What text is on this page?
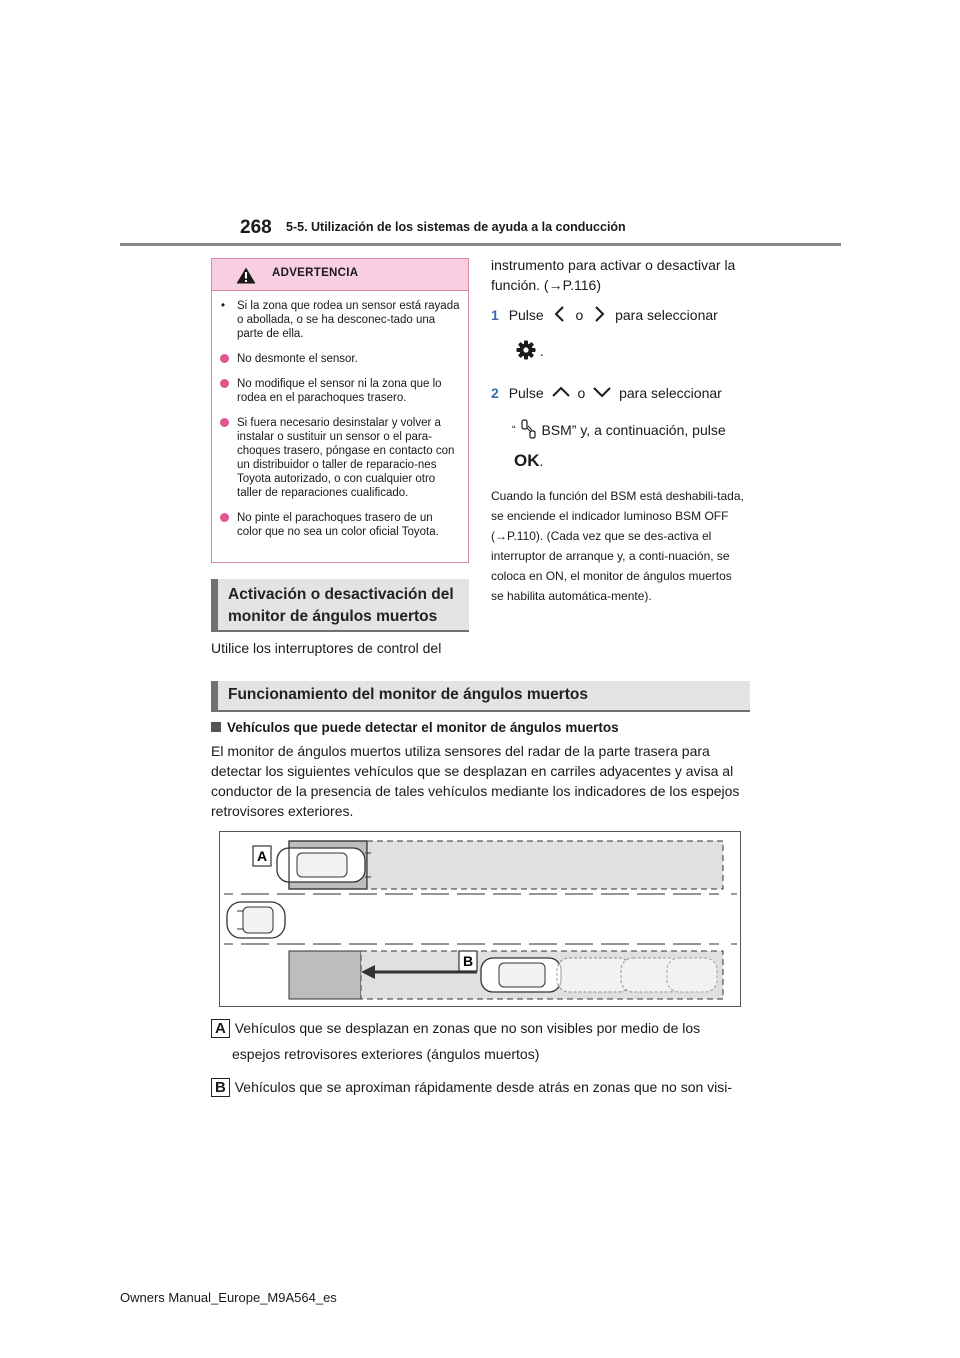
268 5-5. Utilización de los sistemas de ayuda a la conducción
ADVERTENCIA
• Si la zona que rodea un sensor está rayada o abollada, o se ha desconec-tado una parte de ella.
No desmonte el sensor.
No modifique el sensor ni la zona que lo rodea en el parachoques trasero.
Si fuera necesario desinstalar y volver a instalar o sustituir un sensor o el para-choques trasero, póngase en contacto con un distribuidor o taller de reparacio-nes Toyota autorizado, o con cualquier otro taller de reparaciones cualificado.
No pinte el parachoques trasero de un color que no sea un color oficial Toyota.
Activación o desactivación del monitor de ángulos muertos
Utilice los interruptores de control del
instrumento para activar o desactivar la función. (→P.116)
1 Pulse o para seleccionar
.
2 Pulse o para seleccionar
“ BSM” y, a continuación, pulse
OK.
Cuando la función del BSM está deshabili-tada, se enciende el indicador luminoso BSM OFF (→P.110). (Cada vez que se des-activa el interruptor de arranque y, a conti-nuación, se coloca en ON, el monitor de ángulos muertos se habilita automática-mente).
Funcionamiento del monitor de ángulos muertos
Vehículos que puede detectar el monitor de ángulos muertos
El monitor de ángulos muertos utiliza sensores del radar de la parte trasera para detectar los siguientes vehículos que se desplazan en carriles adyacentes y avisa al conductor de la presencia de tales vehículos mediante los indicadores de los espejos retrovisores exteriores.
A
B
A Vehículos que se desplazan en zonas que no son visibles por medio de los
espejos retrovisores exteriores (ángulos muertos)
B Vehículos que se aproximan rápidamente desde atrás en zonas que no son visi-
Owners Manual_Europe_M9A564_es
